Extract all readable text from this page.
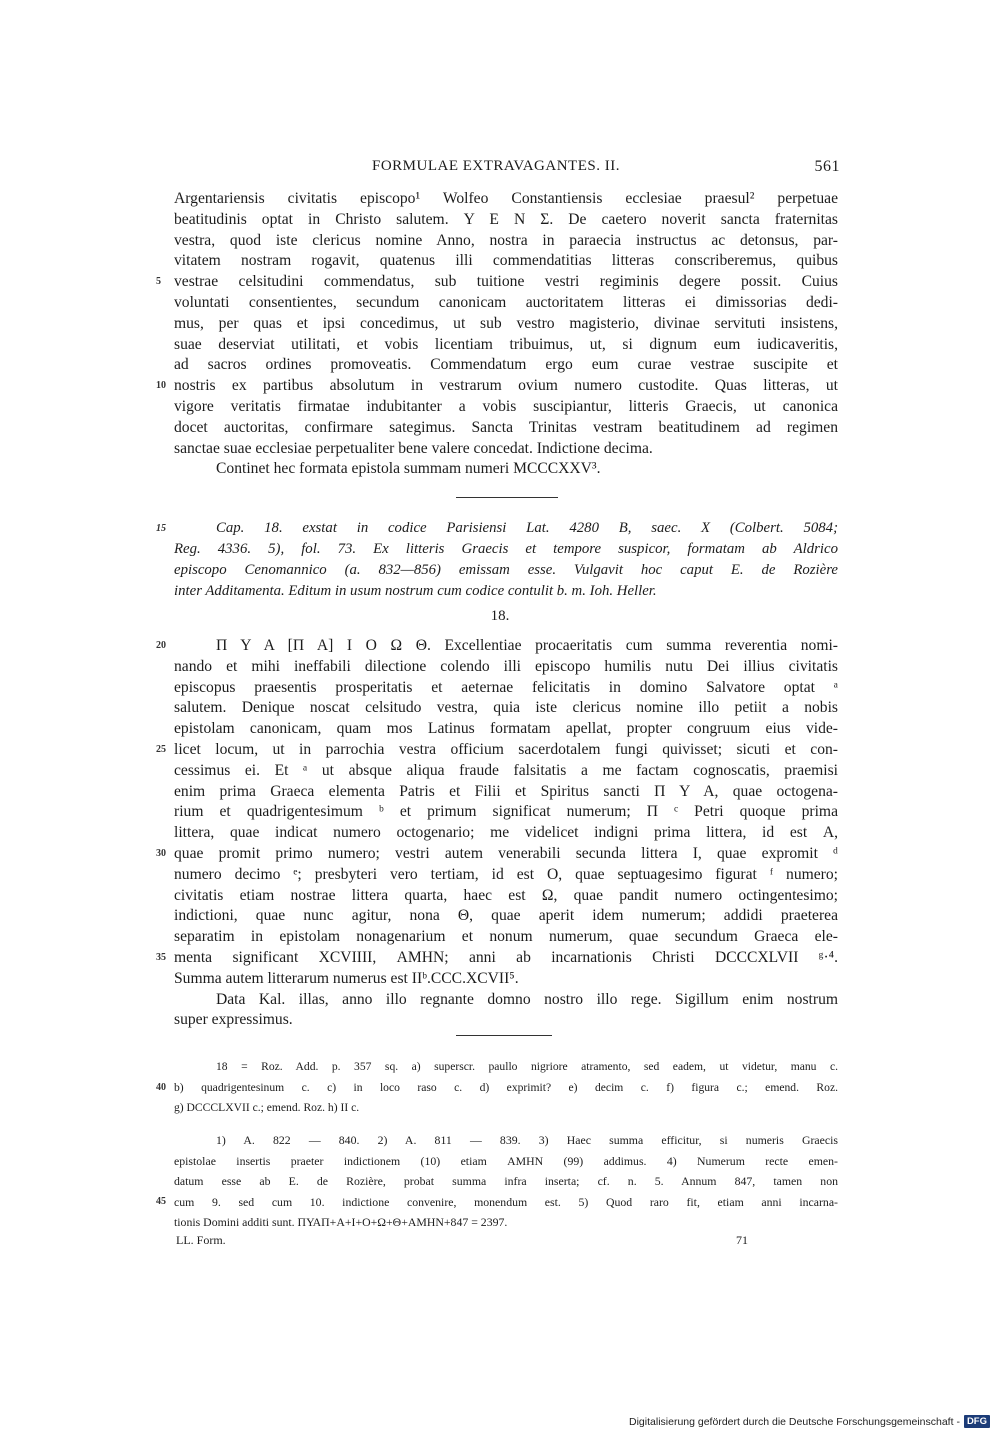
FORMULAE EXTRAVAGANTES. II.	561
Argentariensis civitatis episcopo¹ Wolfeo Constantiensis ecclesiae praesul² perpetuae
beatitudinis optat in Christo salutem. Υ Ε Ν Σ. De caetero noverit sancta fraternitas
vestra, quod iste clericus nomine Anno, nostra in paraecia instructus ac detonsus, par-
vitatem nostram rogavit, quatenus illi commendatitias litteras conscriberemus, quibus
5 vestrae celsitudini commendatus, sub tuitione vestri regiminis degere possit. Cuius
voluntati consentientes, secundum canonicam auctoritatem litteras ei dimissorias dedi-
mus, per quas et ipsi concedimus, ut sub vestro magisterio, divinae servituti insistens,
suae deserviat utilitati, et vobis licentiam tribuimus, ut, si dignum eum iudicaveritis,
ad sacros ordines promoveatis. Commendatum ergo eum curae vestrae suscipite et
10 nostris ex partibus absolutum in vestrarum ovium numero custodite. Quas litteras, ut
vigore veritatis firmatae indubitanter a vobis suscipiantur, litteris Graecis, ut canonica
docet auctoritas, confirmare sategimus. Sancta Trinitas vestram beatitudinem ad regimen
sanctae suae ecclesiae perpetualiter bene valere concedat. Indictione decima.
Continet hec formata epistola summam numeri MCCCXXV³.
15	Cap. 18. exstat in codice Parisiensi Lat. 4280 B, saec. X (Colbert. 5084;
Reg. 4336. 5), fol. 73. Ex litteris Graecis et tempore suspicor, formatam ab Aldrico
episcopo Cenomannico (a. 832—856) emissam esse. Vulgavit hoc caput E. de Rozière
inter Additamenta. Editum in usum nostrum cum codice contulit b. m. Ioh. Heller.
18.
20	Π Υ Α [Π Α] Ι Ο Ω Θ. Excellentiae procaeritatis cum summa reverentia nomi-
nando et mihi ineffabili dilectione colendo illi episcopo humilis nutu Dei illius civitatis
episcopus praesentis prosperitatis et aeternae felicitatis in domino Salvatore optat ᵃ
salutem. Denique noscat celsitudo vestra, quia iste clericus nomine illo petiit a nobis
epistolam canonicam, quam mos Latinus formatam apellat, propter congruum eius vide-
25 licet locum, ut in parrochia vestra officium sacerdotalem fungi quivisset; sicuti et con-
cessimus ei. Et ᵃ ut absque aliqua fraude falsitatis a me factam cognoscatis, praemisi
enim prima Graeca elementa Patris et Filii et Spiritus sancti Π Υ Α, quae octogena-
rium et quadrigentesimum ᵇ et primum significat numerum; Π ᶜ Petri quoque prima
littera, quae indicat numero octogenario; me videlicet indigni prima littera, id est Α,
30 quae promit primo numero; vestri autem venerabili secunda littera Ι, quae expromit ᵈ
numero decimo ᵉ; presbyteri vero tertiam, id est O, quae septuagesimo figurat ᶠ numero;
civitatis etiam nostrae littera quarta, haec est Ω, quae pandit numero octingentesimo;
indictioni, quae nunc agitur, nona Θ, quae aperit idem numerum; addidi praeterea
separatim in epistolam nonagenarium et nonum numerum, quae secundum Graeca ele-
35 menta significant XCVIIII, ΑΜΗΝ; anni ab incarnationis Christi DCCCXLVII ᵍ·⁴.
Summa autem litterarum numerus est IIᵇ.CCC.XCVII⁵.
Data Kal. illas, anno illo regnante domno nostro illo rege. Sigillum enim nostrum
super expressimus.
18 = Roz. Add. p. 357 sq. a) superscr. paullo nigriore atramento, sed eadem, ut videtur, manu c.
40 b) quadrigentesinum c. c) in loco raso c. d) exprimit? e) decim c. f) figura c.; emend. Roz.
g) DCCCLXVII c.; emend. Roz. h) II c.
1) A. 822 — 840. 2) A. 811 — 839. 3) Haec summa efficitur, si numeris Graecis
epistolae insertis praeter indictionem (10) etiam ΑΜΗΝ (99) addimus. 4) Numerum recte emen-
datum esse ab E. de Rozière, probat summa infra inserta; cf. n. 5. Annum 847, tamen non
45 cum 9. sed cum 10. indictione convenire, monendum est. 5) Quod raro fit, etiam anni incarna-
tionis Domini additi sunt. ΠΥΑΠ+Α+Ι+Ο+Ω+Θ+ΑΜΗΝ+847 = 2397.
LL. Form.	71
Digitalisierung gefördert durch die Deutsche Forschungsgemeinschaft - DFG
